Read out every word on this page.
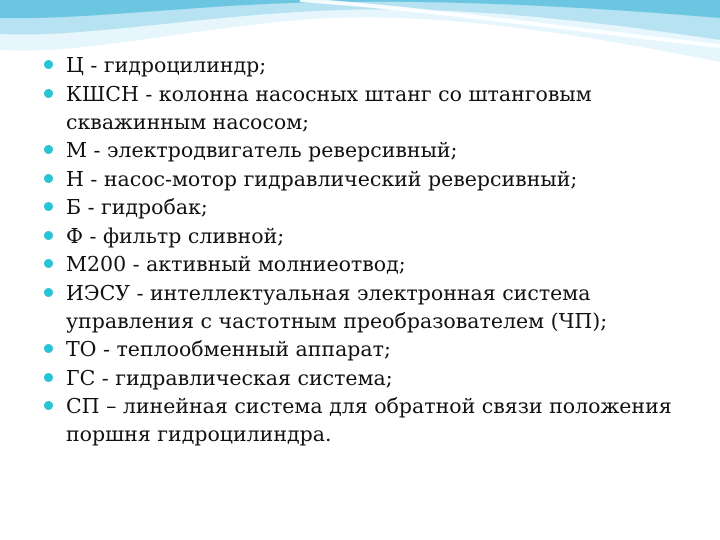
Ц - гидроцилиндр;
КШСН - колонна насосных штанг со штанговым скважинным насосом;
М - электродвигатель реверсивный;
Н - насос-мотор гидравлический реверсивный;
Б - гидробак;
Ф - фильтр сливной;
М200 - активный молниеотвод;
ИЭСУ - интеллектуальная электронная система управления с частотным преобразователем (ЧП);
ТО - теплообменный аппарат;
ГС - гидравлическая система;
СП – линейная система для обратной связи положения поршня гидроцилиндра.
